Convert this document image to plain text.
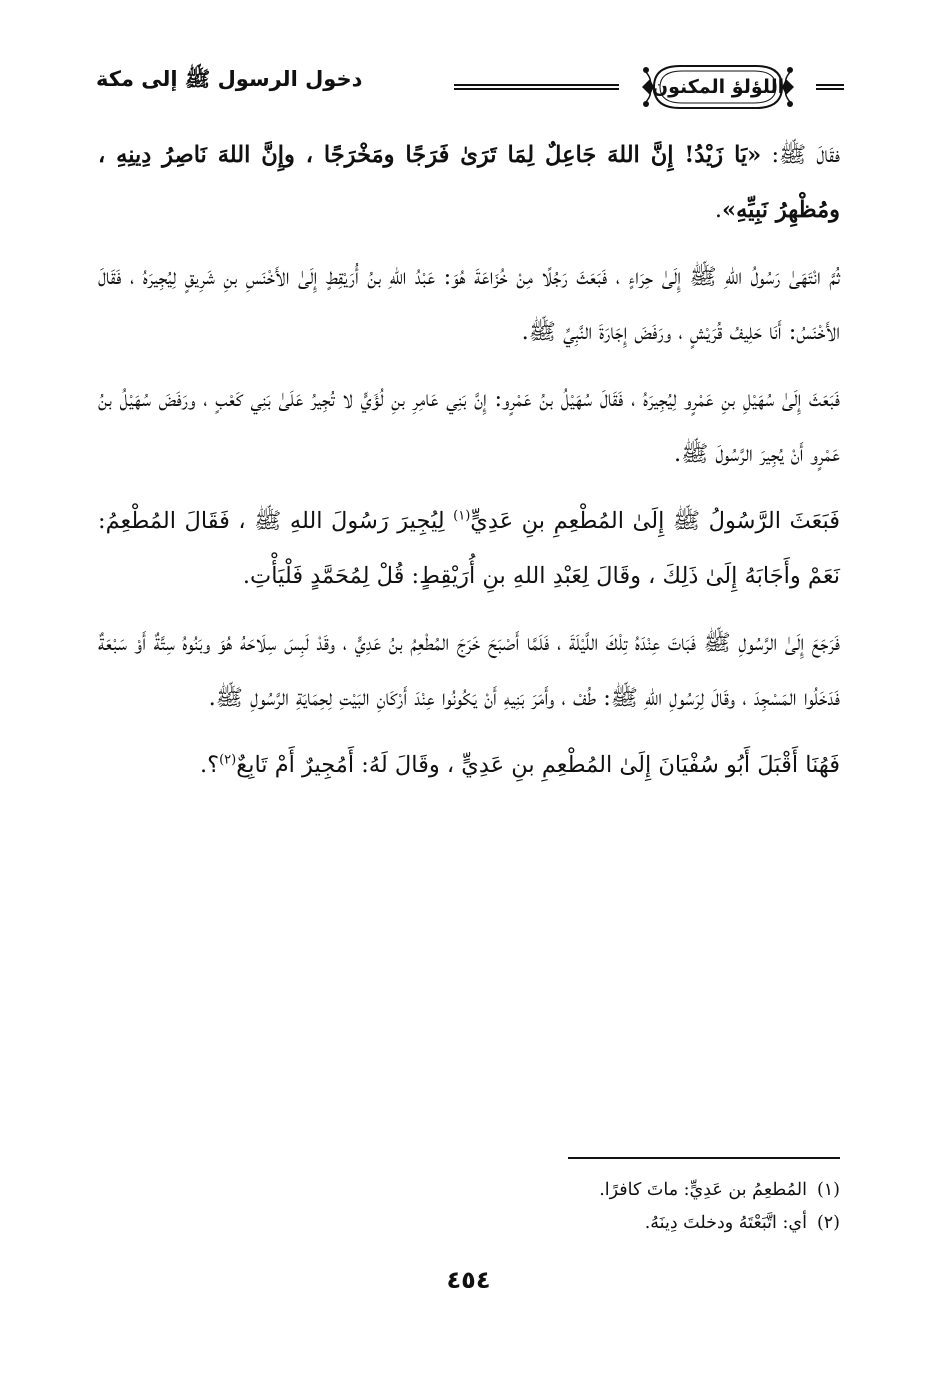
اللؤلؤ المكنون
دخول الرسول ﷺ إلى مكة

فقَالَ ﷺ: «يَا زَيْدُ! إِنَّ اللهَ جَاعِلٌ لِمَا تَرَىٰ فَرَجًا ومَخْرَجًا ، وإِنَّ اللهَ نَاصِرُ دِينِهِ ، ومُظْهِرُ نَبِيِّهِ».

ثُمَّ انْتَهَىٰ رَسُولُ اللهِ ﷺ إِلَىٰ حِرَاءٍ ، فَبَعَثَ رَجُلًا مِنْ خُزَاعَةَ هُوَ: عَبْدُ اللهِ بنُ أُرَيْقِطٍ إِلَىٰ الأَخْنَسِ بنِ شَرِيقٍ لِيُجِيرَهُ ، فَقَالَ الأَخْنَسُ: أَنَا حَلِيفُ قُرَيْشٍ ، ورَفَضَ إِجَارَةَ النَّبِيِّ ﷺ.

فَبَعَثَ إِلَىٰ سُهَيْلِ بنِ عَمْرٍو لِيُجِيرَهُ ، فَقَالَ سُهَيْلُ بنُ عَمْرٍو: إِنَّ بَنِي عَامِرِ بنِ لُؤَيٍّ لا تُجِيرُ عَلَىٰ بَنِي كَعْبٍ ، ورَفَضَ سُهَيْلُ بنُ عَمْرٍو أَنْ يُجِيرَ الرَّسُولَ ﷺ.

فَبَعَثَ الرَّسُولُ ﷺ إِلَىٰ المُطْعِمِ بنِ عَدِيٍّ$^{(١)}$ لِيُجِيرَ رَسُولَ اللهِ ﷺ ، فَقَالَ المُطْعِمُ: نَعَمْ وأَجَابَهُ إِلَىٰ ذَلِكَ ، وقَالَ لِعَبْدِ اللهِ بنِ أُرَيْقِطٍ: قُلْ لِمُحَمَّدٍ فَلْيَأْتِ.

فَرَجَعَ إِلَىٰ الرَّسُولِ ﷺ فَبَاتَ عِنْدَهُ تِلْكَ اللَّيْلَةَ ، فَلَمَّا أَصْبَحَ خَرَجَ المُطْعِمُ بنُ عَدِيٍّ ، وقَدْ لَبِسَ سِلَاحَهُ هُوَ وبَنُوهُ سِتَّةٌ أَوْ سَبْعَةٌ فَدَخَلُوا المَسْجِدَ ، وقَالَ لِرَسُولِ اللهِ ﷺ: طُفْ ، وأَمَرَ بَنِيهِ أَنْ يَكُونُوا عِنْدَ أَرْكَانِ البَيْتِ لِحِمَايَةِ الرَّسُولِ ﷺ.

فَهُنَا أَقْبَلَ أَبُو سُفْيَانَ إِلَىٰ المُطْعِمِ بنِ عَدِيٍّ ، وقَالَ لَهُ: أَمُجِيرٌ أَمْ تَابِعٌ$^{(٢)}$؟.

(١)المُطعِمُ بن عَدِيٍّ: ماتَ كافرًا.

(٢)أي: اتَّبَعْتَهُ ودخلتَ دِينَهُ.

٤٥٤
